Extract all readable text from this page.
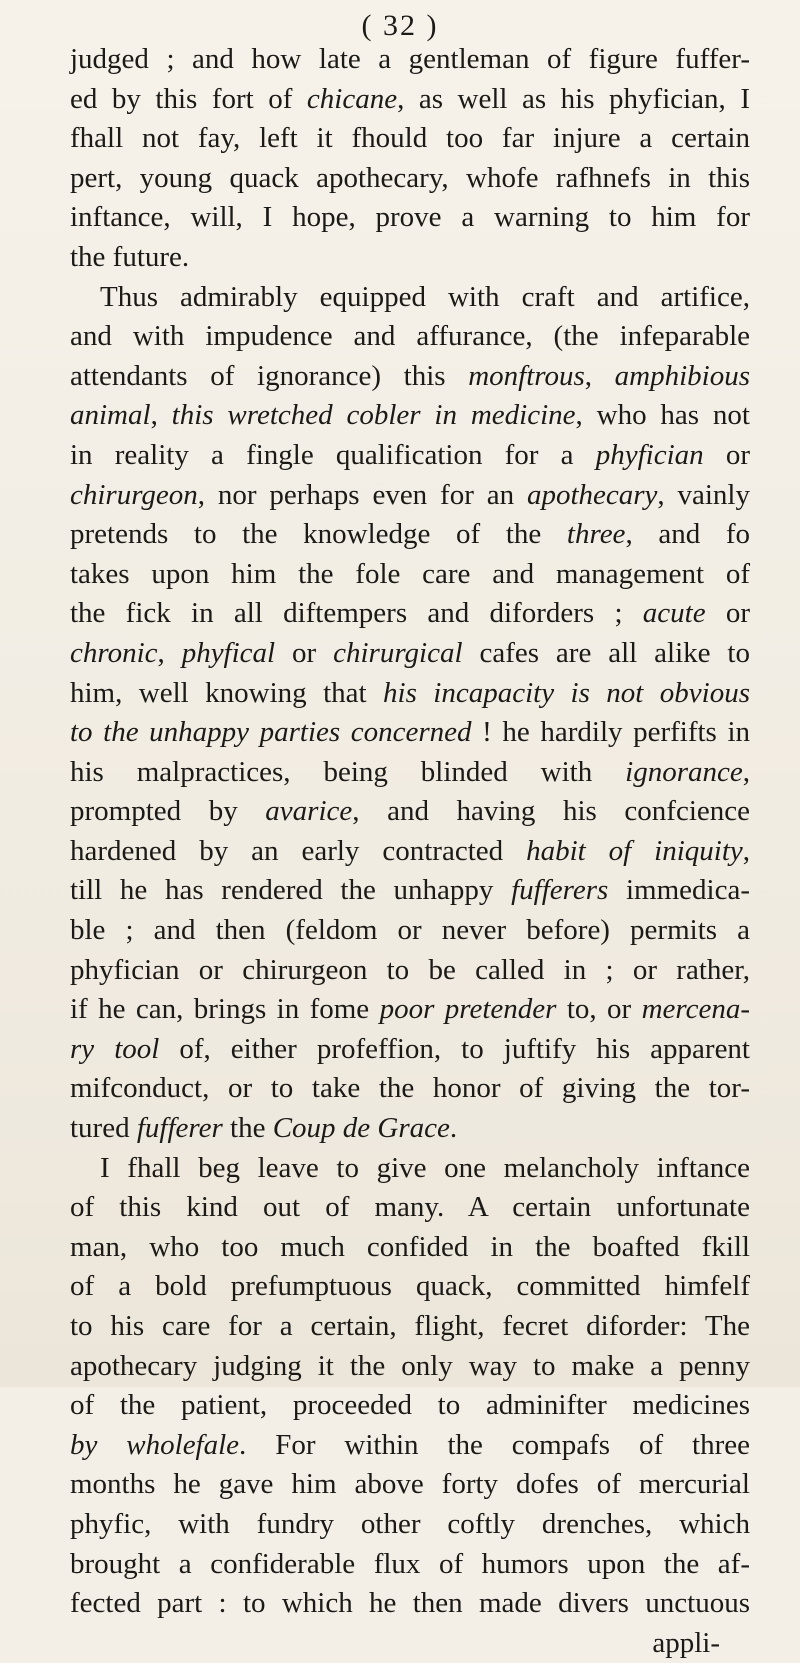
( 32 )
judged ; and how late a gentleman of figure fuffer-
ed by this fort of chicane, as well as his phyfician, I
fhall not fay, left it fhould too far injure a certain
pert, young quack apothecary, whofe rafhnefs in this
inftance, will, I hope, prove a warning to him for
the future.
Thus admirably equipped with craft and artifice,
and with impudence and affurance, (the infeparable
attendants of ignorance) this monftrous, amphibious
animal, this wretched cobler in medicine, who has not
in reality a fingle qualification for a phyfician or
chirurgeon, nor perhaps even for an apothecary, vainly
pretends to the knowledge of the three, and fo
takes upon him the fole care and management of
the fick in all diftempers and diforders ; acute or
chronic, phyfical or chirurgical cafes are all alike to
him, well knowing that his incapacity is not obvious
to the unhappy parties concerned ! he hardily perfifts in
his malpractices, being blinded with ignorance,
prompted by avarice, and having his confcience
hardened by an early contracted habit of iniquity,
till he has rendered the unhappy fufferers immedica-
ble ; and then (feldom or never before) permits a
phyfician or chirurgeon to be called in ; or rather,
if he can, brings in fome poor pretender to, or mercena-
ry tool of, either profeffion, to juftify his apparent
mifconduct, or to take the honor of giving the tor-
tured fufferer the Coup de Grace.
I fhall beg leave to give one melancholy inftance
of this kind out of many. A certain unfortunate
man, who too much confided in the boafted fkill
of a bold prefumptuous quack, committed himfelf
to his care for a certain, flight, fecret diforder: The
apothecary judging it the only way to make a penny
of the patient, proceeded to adminifter medicines
by wholefale. For within the compafs of three
months he gave him above forty dofes of mercurial
phyfic, with fundry other coftly drenches, which
brought a confiderable flux of humors upon the af-
fected part : to which he then made divers unctuous
appli-
